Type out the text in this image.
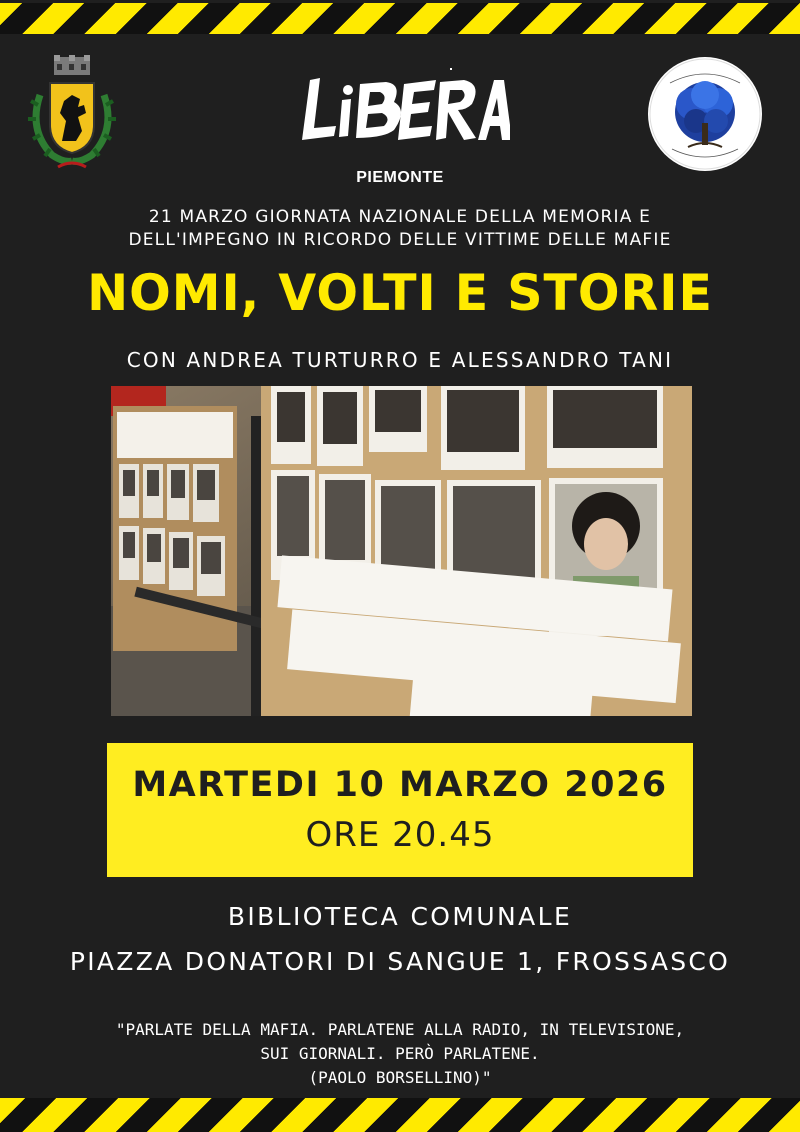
PIEMONTE
21 MARZO GIORNATA NAZIONALE DELLA MEMORIA E
DELL'IMPEGNO IN RICORDO DELLE VITTIME DELLE MAFIE
NOMI, VOLTI E STORIE
CON ANDREA TURTURRO E ALESSANDRO TANI
MARTEDI 10 MARZO 2026
ORE 20.45
BIBLIOTECA COMUNALE
PIAZZA DONATORI DI SANGUE 1, FROSSASCO
"PARLATE DELLA MAFIA. PARLATENE ALLA RADIO, IN TELEVISIONE,
SUI GIORNALI. PERÒ PARLATENE.
(PAOLO BORSELLINO)"
